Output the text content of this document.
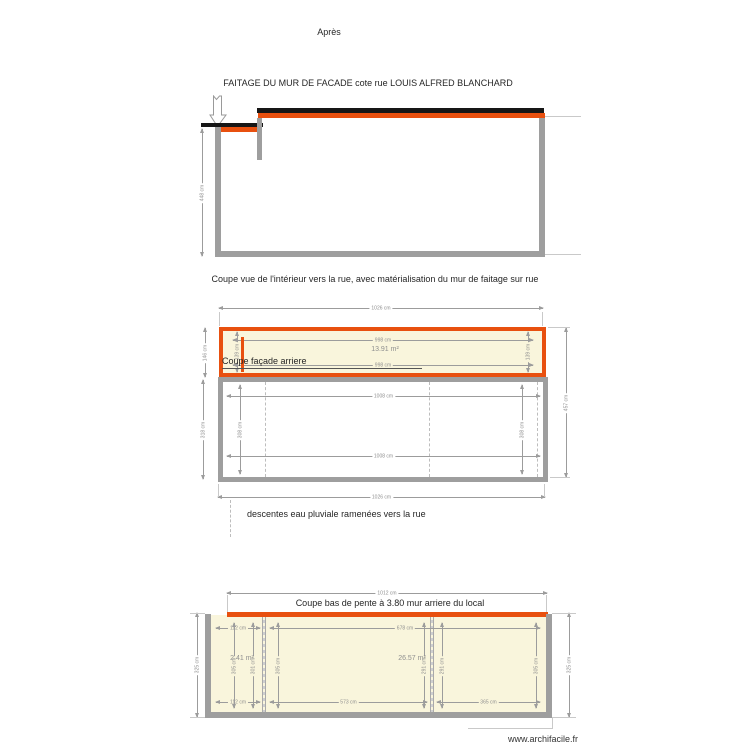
Après
FAITAGE DU MUR DE FACADE cote rue LOUIS ALFRED BLANCHARD
448 cm
Coupe vue de l'intérieur vers la rue, avec matérialisation du mur de faitage sur rue
1026 cm
998 cm
998 cm
139 cm	139 cm
13.91 m²
Coupe façade arriere
1008 cm
1008 cm
308 cm	308 cm
1026 cm
146 cm
318 cm
457 cm
descentes eau pluviale ramenées vers la rue
1012 cm
Coupe bas de pente à 3.80 mur arriere du local
112 cm	678 cm
112 cm	573 cm	365 cm
305 cm	301 cm	305 cm	291 cm 291 cm	305 cm
2.41 m²	26.57 m²
325 cm	325 cm
www.archifacile.fr
